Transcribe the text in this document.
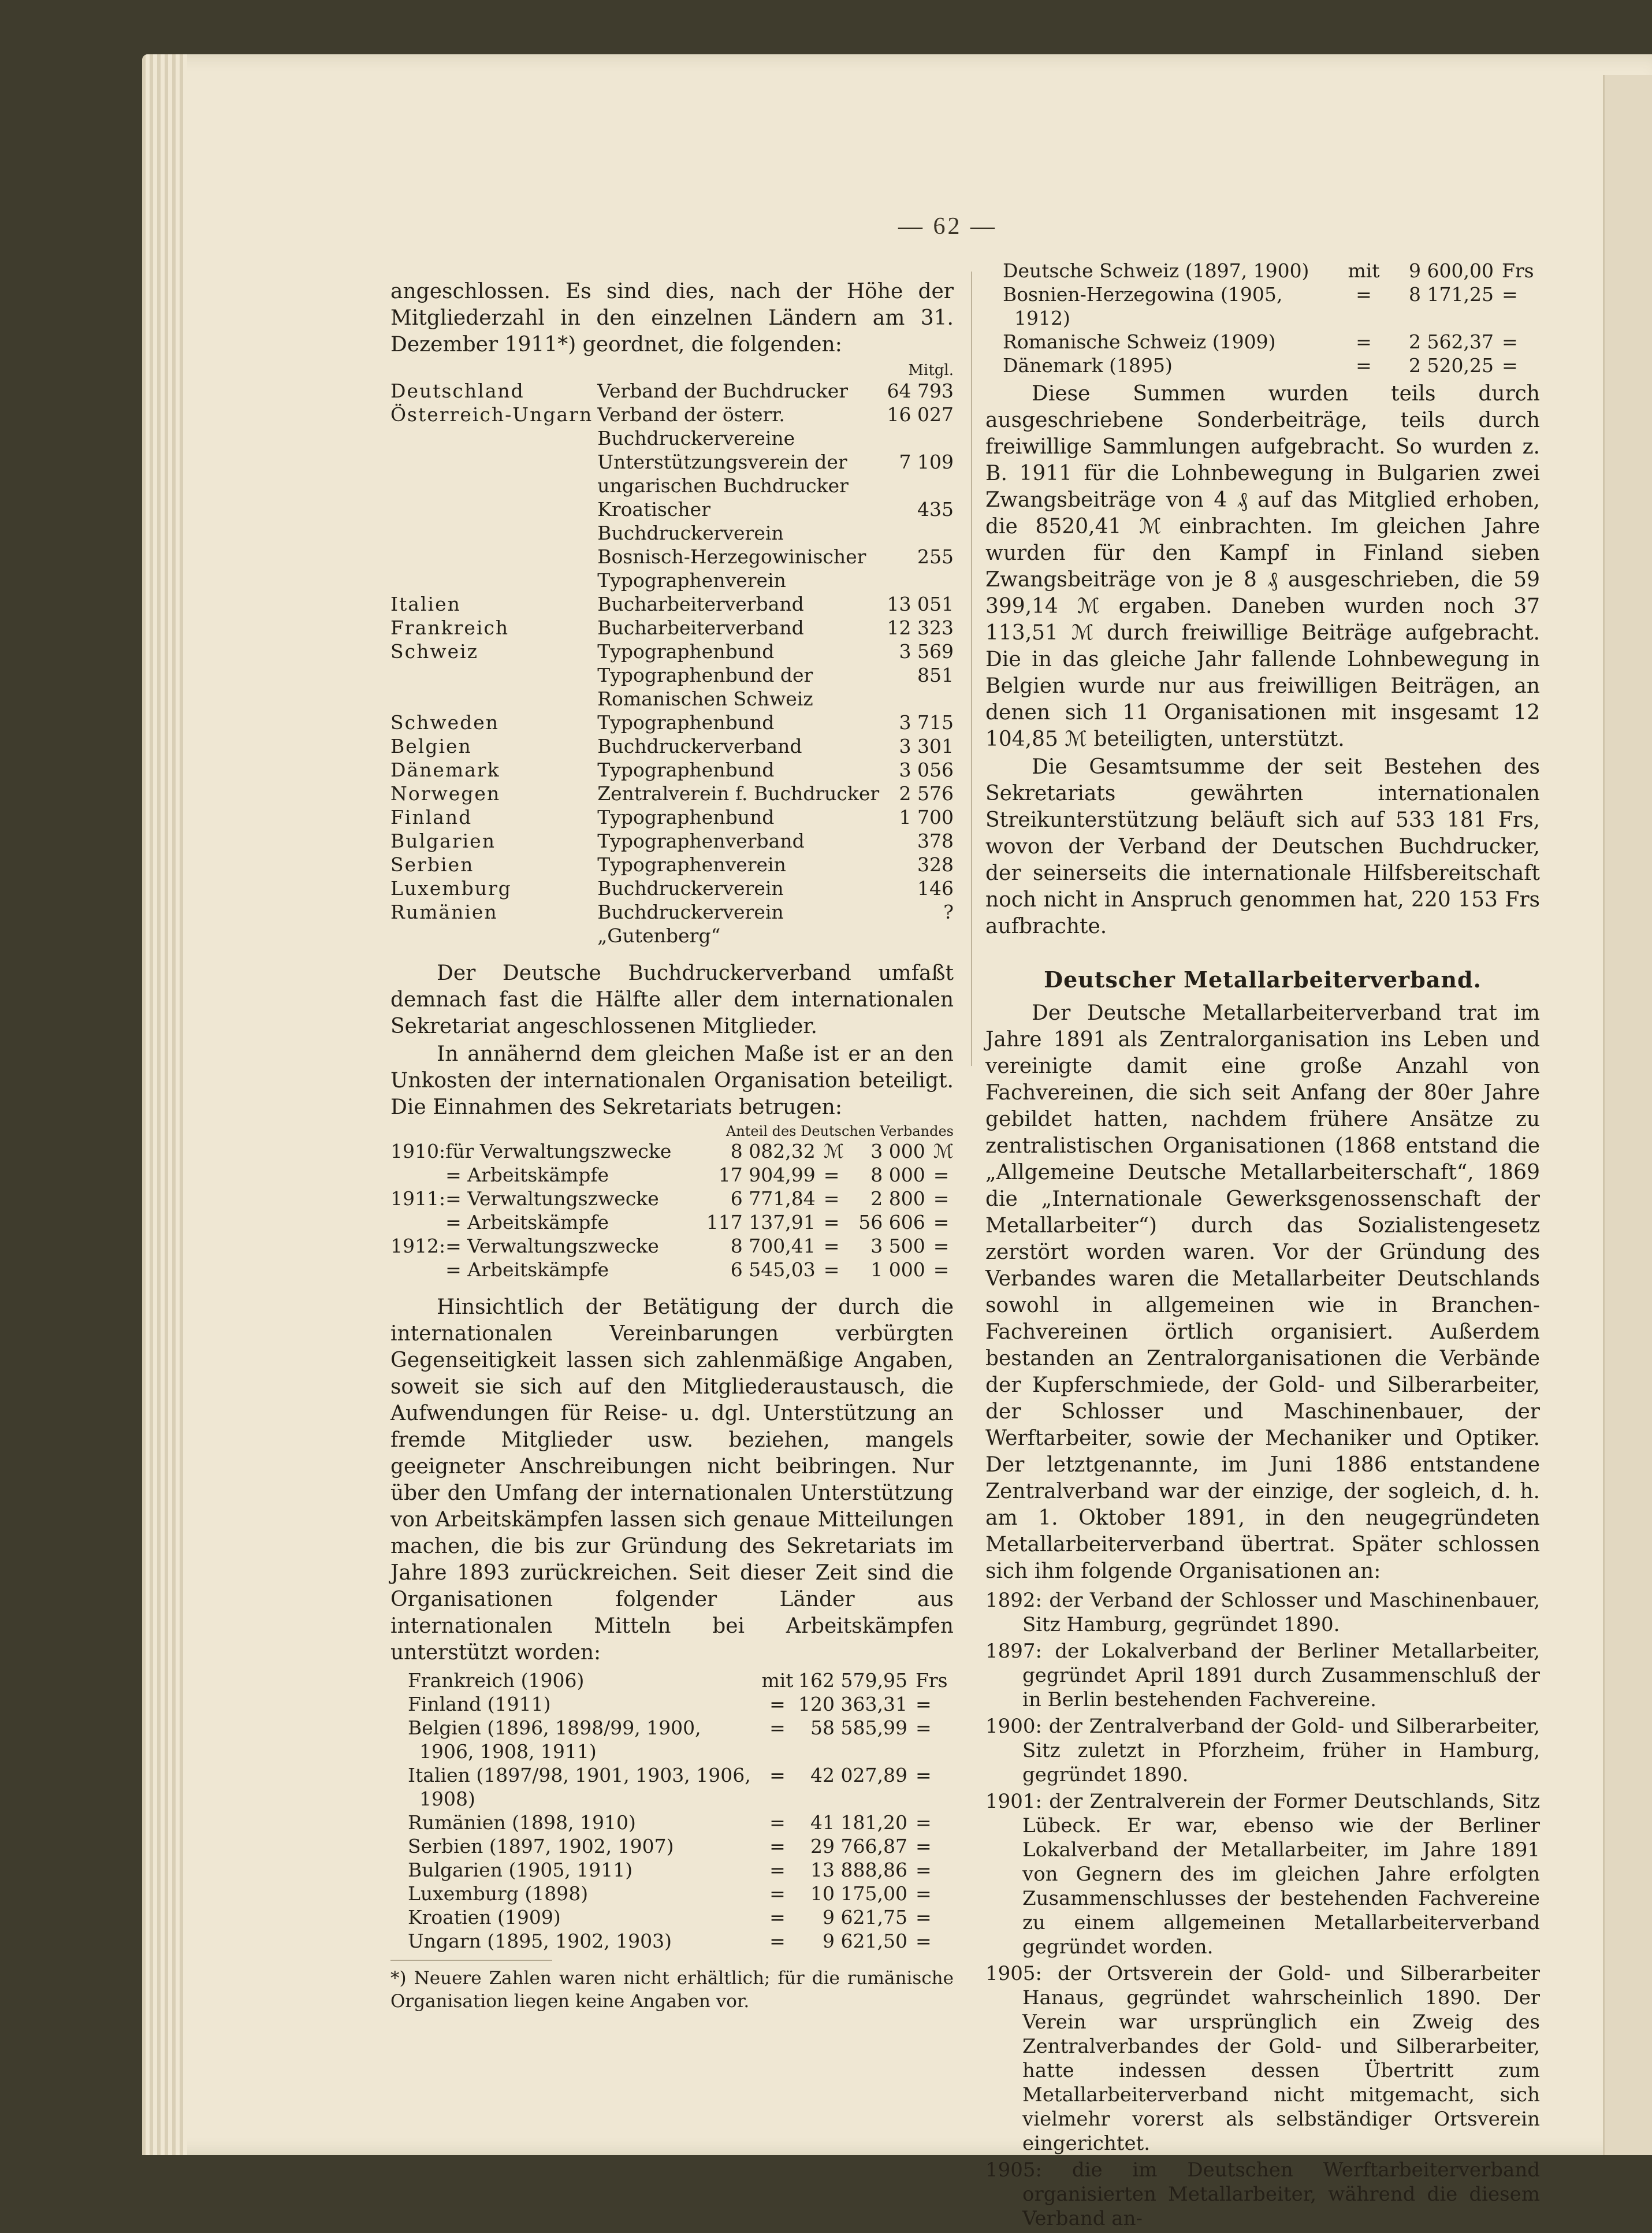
— 62 —

angeschlossen. Es sind dies, nach der Höhe der Mitgliederzahl in den einzelnen Ländern am 31. Dezember 1911*) geordnet, die folgenden:

Mitgl.
Deutschland	Verband der Buchdrucker	64 793
Österreich-Ungarn	Verband der österr. Buchdruckervereine	16 027
	Unterstützungsverein der ungarischen Buchdrucker	7 109
	Kroatischer Buchdruckerverein	435
	Bosnisch-Herzegowinischer Typographenverein	255
Italien	Bucharbeiterverband	13 051
Frankreich	Bucharbeiterverband	12 323
Schweiz	Typographenbund	3 569
	Typographenbund der Romanischen Schweiz	851
Schweden	Typographenbund	3 715
Belgien	Buchdruckerverband	3 301
Dänemark	Typographenbund	3 056
Norwegen	Zentralverein f. Buchdrucker	2 576
Finland	Typographenbund	1 700
Bulgarien	Typographenverband	378
Serbien	Typographenverein	328
Luxemburg	Buchdruckerverein	146
Rumänien	Buchdruckerverein „Gutenberg“	?

Der Deutsche Buchdruckerverband umfaßt demnach fast die Hälfte aller dem internationalen Sekretariat angeschlossenen Mitglieder.

In annähernd dem gleichen Maße ist er an den Unkosten der internationalen Organisation beteiligt. Die Einnahmen des Sekretariats betrugen:

Anteil des Deutschen Verbandes
1910:	für Verwaltungszwecke	8 082,32	ℳ	3 000	ℳ
	= Arbeitskämpfe	17 904,99	=	8 000	=
1911:	= Verwaltungszwecke	6 771,84	=	2 800	=
	= Arbeitskämpfe	117 137,91	=	56 606	=
1912:	= Verwaltungszwecke	8 700,41	=	3 500	=
	= Arbeitskämpfe	6 545,03	=	1 000	=

Hinsichtlich der Betätigung der durch die internationalen Vereinbarungen verbürgten Gegenseitigkeit lassen sich zahlenmäßige Angaben, soweit sie sich auf den Mitgliederaustausch, die Aufwendungen für Reise- u. dgl. Unterstützung an fremde Mitglieder usw. beziehen, mangels geeigneter Anschreibungen nicht beibringen. Nur über den Umfang der internationalen Unterstützung von Arbeitskämpfen lassen sich genaue Mitteilungen machen, die bis zur Gründung des Sekretariats im Jahre 1893 zurückreichen. Seit dieser Zeit sind die Organisationen folgender Länder aus internationalen Mitteln bei Arbeitskämpfen unterstützt worden:

Frankreich (1906)	mit	162 579,95	Frs
Finland (1911)	=	120 363,31	=
Belgien (1896, 1898/99, 1900, 1906, 1908, 1911)	=	58 585,99	=
Italien (1897/98, 1901, 1903, 1906, 1908)	=	42 027,89	=
Rumänien (1898, 1910)	=	41 181,20	=
Serbien (1897, 1902, 1907)	=	29 766,87	=
Bulgarien (1905, 1911)	=	13 888,86	=
Luxemburg (1898)	=	10 175,00	=
Kroatien (1909)	=	9 621,75	=
Ungarn (1895, 1902, 1903)	=	9 621,50	=

*) Neuere Zahlen waren nicht erhältlich; für die rumänische Organisation liegen keine Angaben vor.

Deutsche Schweiz (1897, 1900)	mit	9 600,00	Frs
Bosnien-Herzegowina (1905, 1912)	=	8 171,25	=
Romanische Schweiz (1909)	=	2 562,37	=
Dänemark (1895)	=	2 520,25	=

Diese Summen wurden teils durch ausgeschriebene Sonderbeiträge, teils durch freiwillige Sammlungen aufgebracht. So wurden z. B. 1911 für die Lohnbewegung in Bulgarien zwei Zwangsbeiträge von 4 ₰ auf das Mitglied erhoben, die 8520,41 ℳ einbrachten. Im gleichen Jahre wurden für den Kampf in Finland sieben Zwangsbeiträge von je 8 ₰ ausgeschrieben, die 59 399,14 ℳ ergaben. Daneben wurden noch 37 113,51 ℳ durch freiwillige Beiträge aufgebracht. Die in das gleiche Jahr fallende Lohnbewegung in Belgien wurde nur aus freiwilligen Beiträgen, an denen sich 11 Organisationen mit insgesamt 12 104,85 ℳ beteiligten, unterstützt.

Die Gesamtsumme der seit Bestehen des Sekretariats gewährten internationalen Streikunterstützung beläuft sich auf 533 181 Frs, wovon der Verband der Deutschen Buchdrucker, der seinerseits die internationale Hilfsbereitschaft noch nicht in Anspruch genommen hat, 220 153 Frs aufbrachte.

Deutscher Metallarbeiterverband.

Der Deutsche Metallarbeiterverband trat im Jahre 1891 als Zentralorganisation ins Leben und vereinigte damit eine große Anzahl von Fachvereinen, die sich seit Anfang der 80er Jahre gebildet hatten, nachdem frühere Ansätze zu zentralistischen Organisationen (1868 entstand die „Allgemeine Deutsche Metallarbeiterschaft“, 1869 die „Internationale Gewerksgenossenschaft der Metallarbeiter“) durch das Sozialistengesetz zerstört worden waren. Vor der Gründung des Verbandes waren die Metallarbeiter Deutschlands sowohl in allgemeinen wie in Branchen-Fachvereinen örtlich organisiert. Außerdem bestanden an Zentralorganisationen die Verbände der Kupferschmiede, der Gold- und Silberarbeiter, der Schlosser und Maschinenbauer, der Werftarbeiter, sowie der Mechaniker und Optiker. Der letztgenannte, im Juni 1886 entstandene Zentralverband war der einzige, der sogleich, d. h. am 1. Oktober 1891, in den neugegründeten Metallarbeiterverband übertrat. Später schlossen sich ihm folgende Organisationen an:

1892: der Verband der Schlosser und Maschinenbauer, Sitz Hamburg, gegründet 1890.

1897: der Lokalverband der Berliner Metallarbeiter, gegründet April 1891 durch Zusammenschluß der in Berlin bestehenden Fachvereine.

1900: der Zentralverband der Gold- und Silberarbeiter, Sitz zuletzt in Pforzheim, früher in Hamburg, gegründet 1890.

1901: der Zentralverein der Former Deutschlands, Sitz Lübeck. Er war, ebenso wie der Berliner Lokalverband der Metallarbeiter, im Jahre 1891 von Gegnern des im gleichen Jahre erfolgten Zusammenschlusses der bestehenden Fachvereine zu einem allgemeinen Metallarbeiterverband gegründet worden.

1905: der Ortsverein der Gold- und Silberarbeiter Hanaus, gegründet wahrscheinlich 1890. Der Verein war ursprünglich ein Zweig des Zentralverbandes der Gold- und Silberarbeiter, hatte indessen dessen Übertritt zum Metallarbeiterverband nicht mitgemacht, sich vielmehr vorerst als selbständiger Ortsverein eingerichtet.

1905: die im Deutschen Werftarbeiterverband organisierten Metallarbeiter, während die diesem Verband an-
